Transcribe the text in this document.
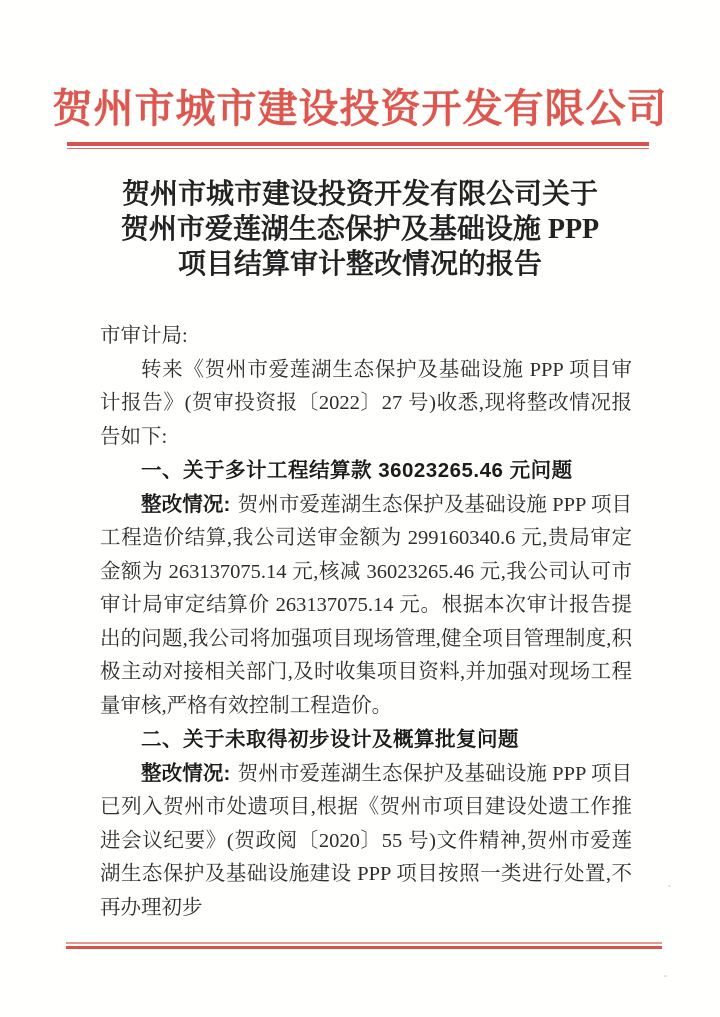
贺州市城市建设投资开发有限公司
贺州市城市建设投资开发有限公司关于
贺州市爱莲湖生态保护及基础设施 PPP
项目结算审计整改情况的报告

市审计局:

转来《贺州市爱莲湖生态保护及基础设施 PPP 项目审计报告》(贺审投资报〔2022〕27 号)收悉,现将整改情况报告如下:

一、关于多计工程结算款 36023265.46 元问题

整改情况: 贺州市爱莲湖生态保护及基础设施 PPP 项目工程造价结算,我公司送审金额为 299160340.6 元,贵局审定金额为 263137075.14 元,核减 36023265.46 元,我公司认可市审计局审定结算价 263137075.14 元。根据本次审计报告提出的问题,我公司将加强项目现场管理,健全项目管理制度,积极主动对接相关部门,及时收集项目资料,并加强对现场工程量审核,严格有效控制工程造价。

二、关于未取得初步设计及概算批复问题

整改情况: 贺州市爱莲湖生态保护及基础设施 PPP 项目已列入贺州市处遗项目,根据《贺州市项目建设处遗工作推进会议纪要》(贺政阅〔2020〕55 号)文件精神,贺州市爱莲湖生态保护及基础设施建设 PPP 项目按照一类进行处置,不再办理初步
